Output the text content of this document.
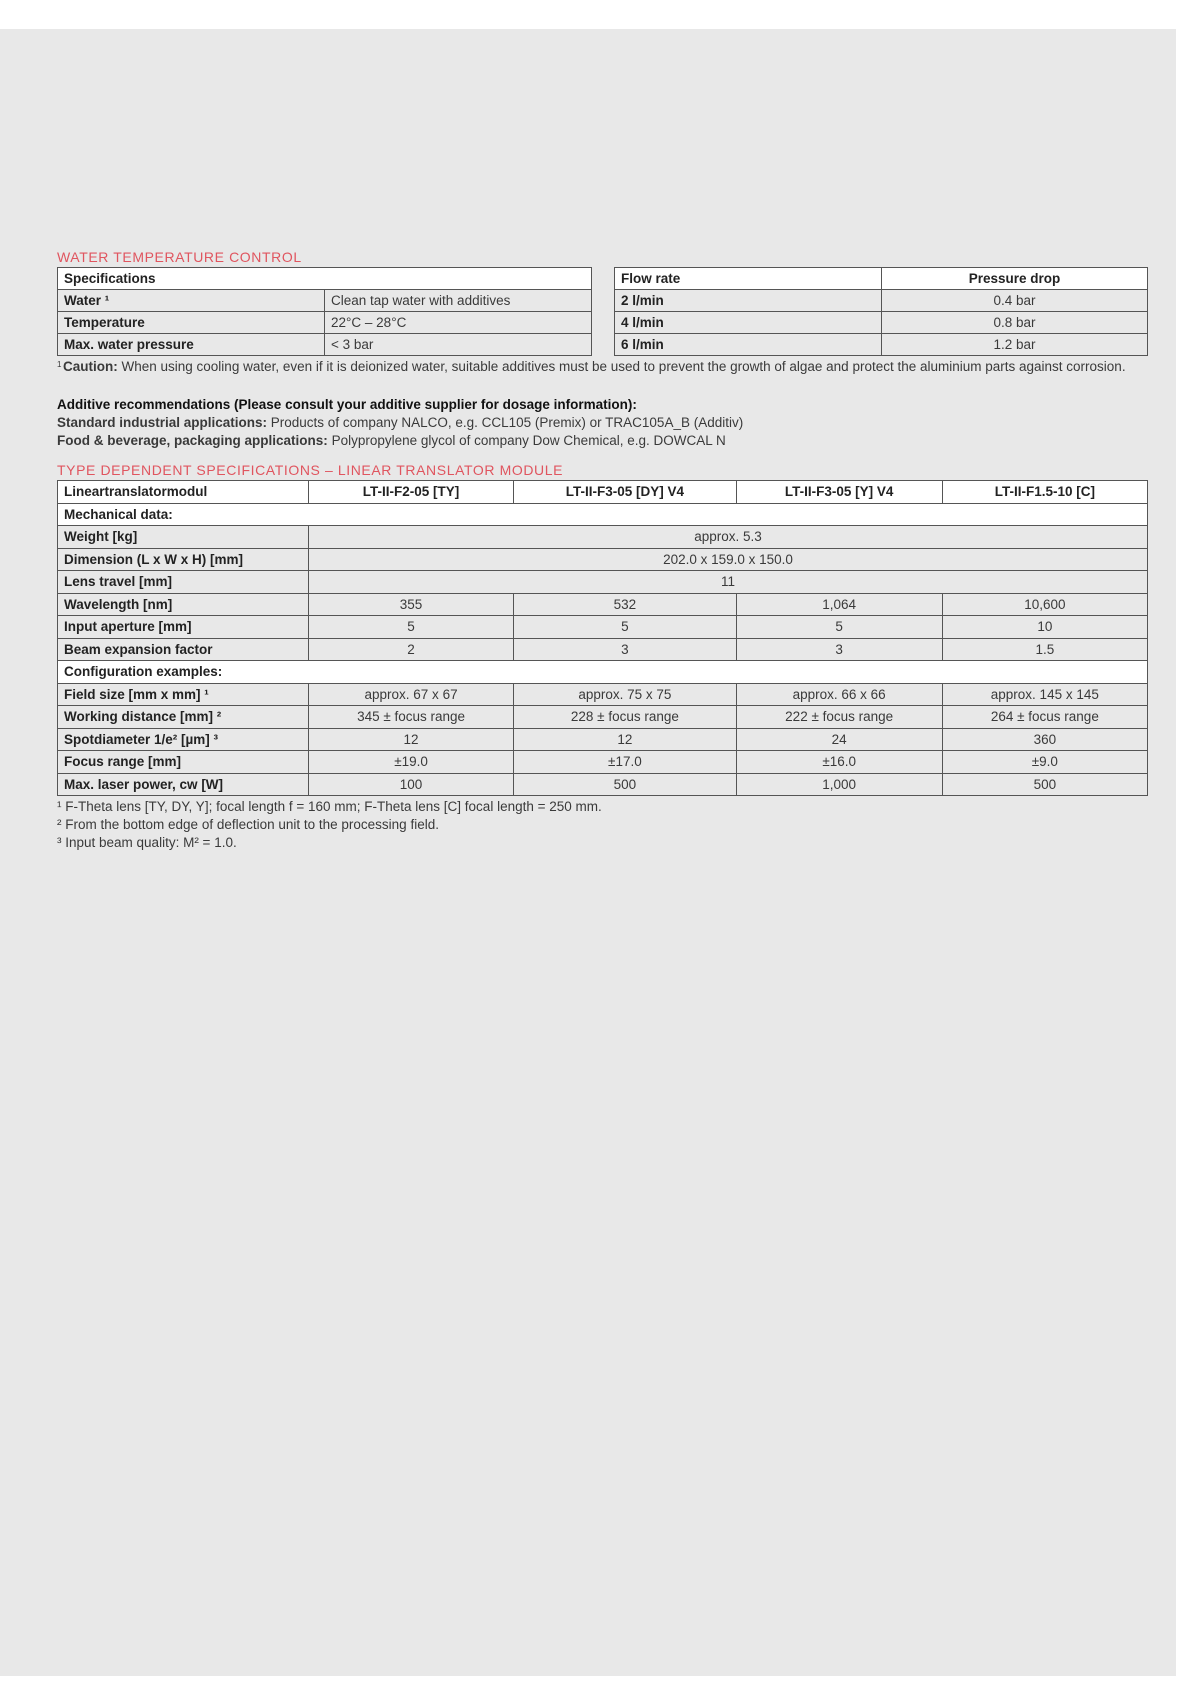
WATER TEMPERATURE CONTROL
Specifications	
Water ¹	Clean tap water with additives
Temperature	22°C – 28°C
Max. water pressure	< 3 bar
Flow rate	Pressure drop
2 l/min	0.4 bar
4 l/min	0.8 bar
6 l/min	1.2 bar
1 Caution: When using cooling water, even if it is deionized water, suitable additives must be used to prevent the growth of algae and protect the aluminium parts against corrosion.
Additive recommendations (Please consult your additive supplier for dosage information):
Standard industrial applications: Products of company NALCO, e.g. CCL105 (Premix) or TRAC105A_B (Additiv)
Food & beverage, packaging applications: Polypropylene glycol of company Dow Chemical, e.g. DOWCAL N
TYPE DEPENDENT SPECIFICATIONS – LINEAR TRANSLATOR MODULE
Lineartranslatormodul	LT-II-F2-05 [TY]	LT-II-F3-05 [DY] V4	LT-II-F3-05 [Y] V4	LT-II-F1.5-10 [C]
Mechanical data:				
Weight [kg]	approx. 5.3			
Dimension (L x W x H) [mm]	202.0 x 159.0 x 150.0			
Lens travel [mm]	11			
Wavelength [nm]	355	532	1,064	10,600
Input aperture [mm]	5	5	5	10
Beam expansion factor	2	3	3	1.5
Configuration examples:				
Field size [mm x mm] ¹	approx. 67 x 67	approx. 75 x 75	approx. 66 x 66	approx. 145 x 145
Working distance [mm] ²	345 ± focus range	228 ± focus range	222 ± focus range	264 ± focus range
Spotdiameter 1/e² [µm] ³	12	12	24	360
Focus range [mm]	±19.0	±17.0	±16.0	±9.0
Max. laser power, cw [W]	100	500	1,000	500
¹ F-Theta lens [TY, DY, Y]; focal length f = 160 mm; F-Theta lens [C] focal length = 250 mm.
² From the bottom edge of deflection unit to the processing field.
³ Input beam quality: M² = 1.0.
